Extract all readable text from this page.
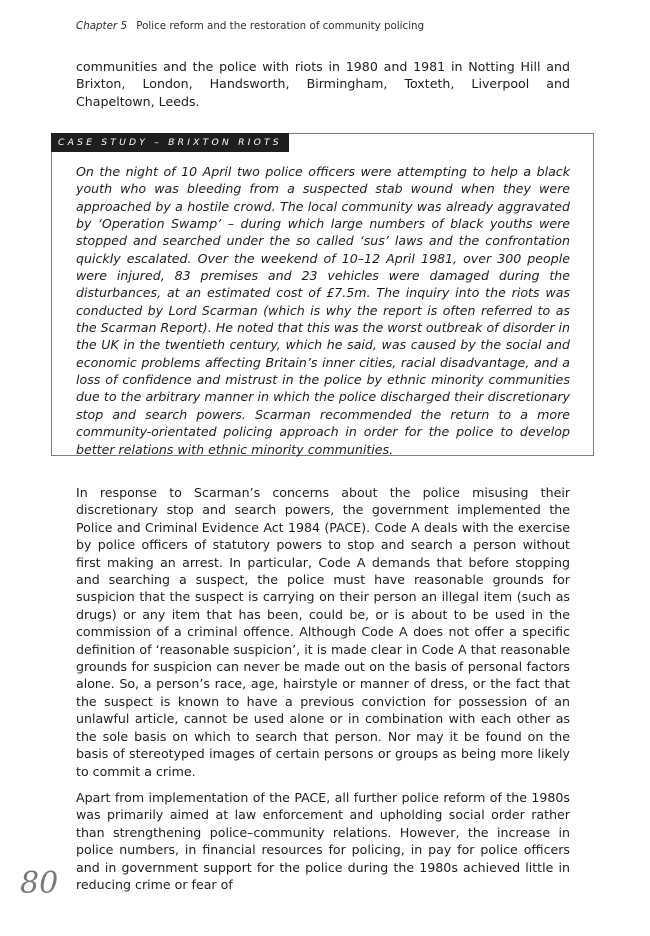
Chapter 5 Police reform and the restoration of community policing

communities and the police with riots in 1980 and 1981 in Notting Hill and Brixton, London, Handsworth, Birmingham, Toxteth, Liverpool and Chapeltown, Leeds.

CASE STUDY – BRIXTON RIOTS
On the night of 10 April two police officers were attempting to help a black youth who was bleeding from a suspected stab wound when they were approached by a hostile crowd. The local community was already aggravated by ‘Operation Swamp’ – during which large numbers of black youths were stopped and searched under the so called ‘sus’ laws and the confrontation quickly escalated. Over the weekend of 10–12 April 1981, over 300 people were injured, 83 premises and 23 vehicles were damaged during the disturbances, at an estimated cost of £7.5m. The inquiry into the riots was conducted by Lord Scarman (which is why the report is often referred to as the Scarman Report). He noted that this was the worst outbreak of disorder in the UK in the twentieth century, which he said, was caused by the social and economic problems affecting Britain’s inner cities, racial disadvantage, and a loss of confidence and mistrust in the police by ethnic minority communities due to the arbitrary manner in which the police discharged their discretionary stop and search powers. Scarman recommended the return to a more community-orientated policing approach in order for the police to develop better relations with ethnic minority communities.

In response to Scarman’s concerns about the police misusing their discretionary stop and search powers, the government implemented the Police and Criminal Evidence Act 1984 (PACE). Code A deals with the exercise by police officers of statutory powers to stop and search a person without first making an arrest. In particular, Code A demands that before stopping and searching a suspect, the police must have reasonable grounds for suspicion that the suspect is carrying on their person an illegal item (such as drugs) or any item that has been, could be, or is about to be used in the commission of a criminal offence. Although Code A does not offer a specific definition of ‘reasonable suspicion’, it is made clear in Code A that reasonable grounds for suspicion can never be made out on the basis of personal factors alone. So, a person’s race, age, hairstyle or manner of dress, or the fact that the suspect is known to have a previous conviction for possession of an unlawful article, cannot be used alone or in combination with each other as the sole basis on which to search that person. Nor may it be found on the basis of stereotyped images of certain persons or groups as being more likely to commit a crime.

Apart from implementation of the PACE, all further police reform of the 1980s was primarily aimed at law enforcement and upholding social order rather than strengthening police–community relations. However, the increase in police numbers, in financial resources for policing, in pay for police officers and in government support for the police during the 1980s achieved little in reducing crime or fear of

80
